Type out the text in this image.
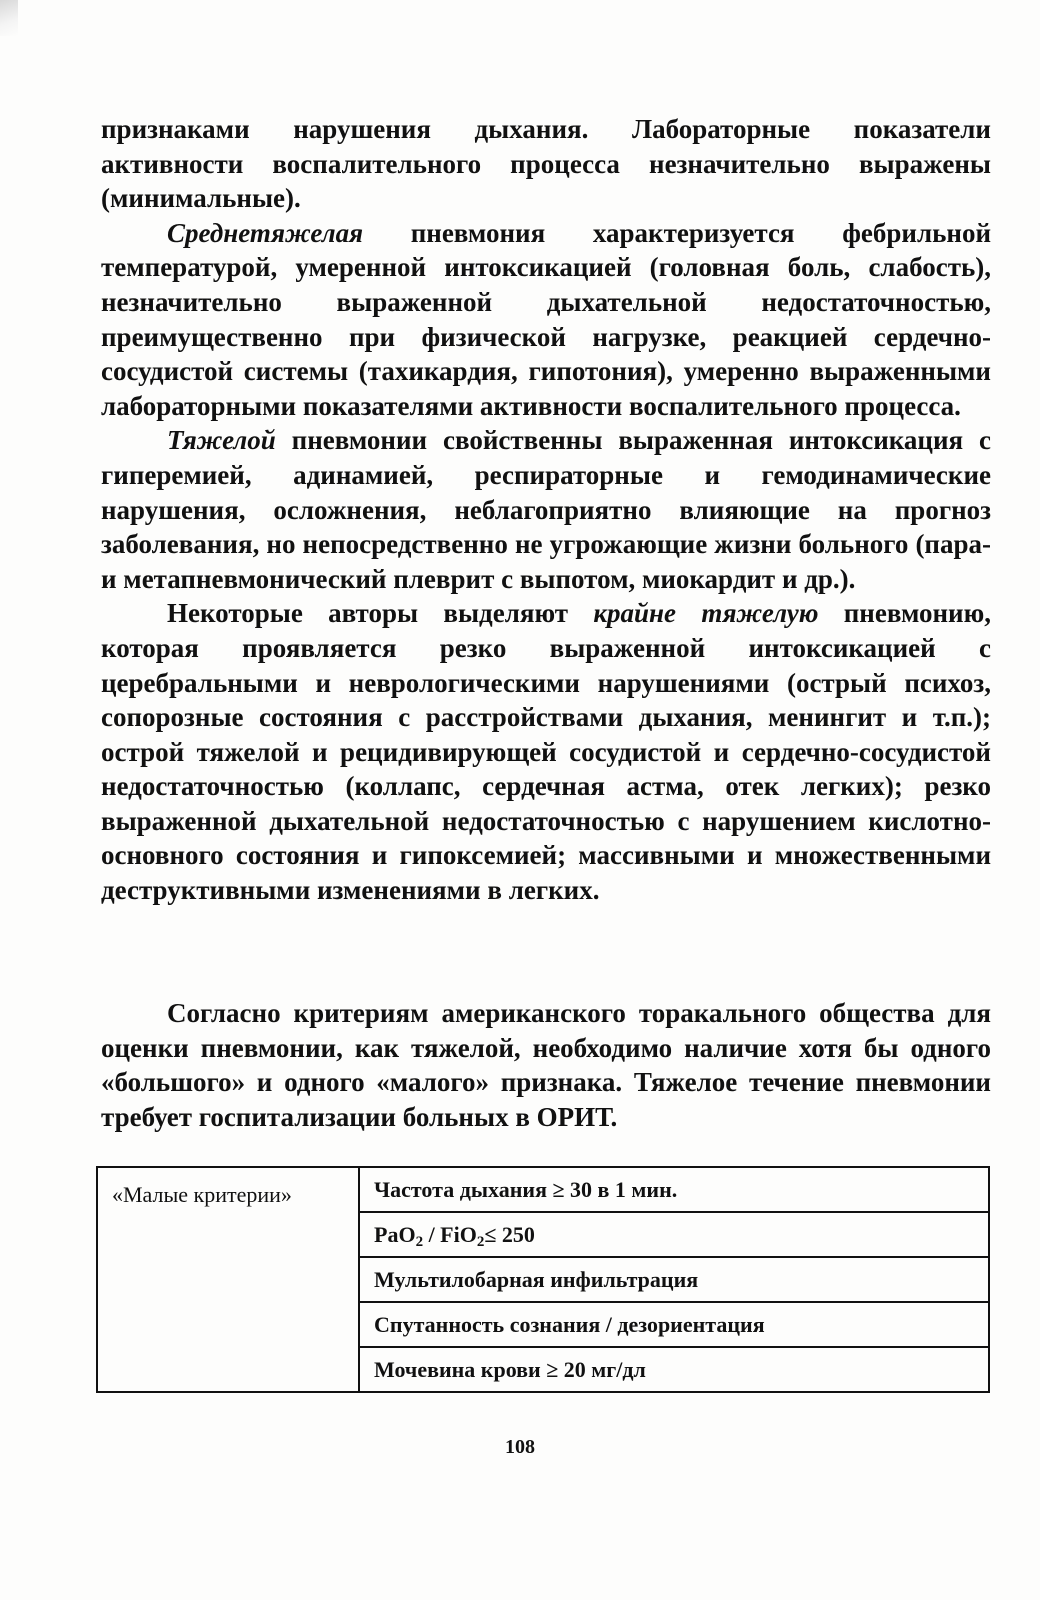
признаками нарушения дыхания. Лабораторные показатели активности воспалительного процесса незначительно выражены (минимальные).

Среднетяжелая пневмония характеризуется фебрильной температурой, умеренной интоксикацией (головная боль, слабость), незначительно выраженной дыхательной недостаточностью, преимущественно при физической нагрузке, реакцией сердечно-сосудистой системы (тахикардия, гипотония), умеренно выраженными лабораторными показателями активности воспалительного процесса.

Тяжелой пневмонии свойственны выраженная интоксикация с гиперемией, адинамией, респираторные и гемодинамические нарушения, осложнения, неблагоприятно влияющие на прогноз заболевания, но непосредственно не угрожающие жизни больного (пара- и метапневмонический плеврит с выпотом, миокардит и др.).

Некоторые авторы выделяют крайне тяжелую пневмонию, которая проявляется резко выраженной интоксикацией с церебральными и неврологическими нарушениями (острый психоз, сопорозные состояния с расстройствами дыхания, менингит и т.п.); острой тяжелой и рецидивирующей сосудистой и сердечно-сосудистой недостаточностью (коллапс, сердечная астма, отек легких); резко выраженной дыхательной недостаточностью с нарушением кислотно-основного состояния и гипоксемией; массивными и множественными деструктивными изменениями в легких.

Согласно критериям американского торакального общества для оценки пневмонии, как тяжелой, необходимо наличие хотя бы одного «большого» и одного «малого» признака. Тяжелое течение пневмонии требует госпитализации больных в ОРИТ.

«Малые критерии»	Частота дыхания ≥ 30 в 1 мин.
PaO$_2$ / FiO$_2$≤ 250
Мультилобарная инфильтрация
Спутанность сознания / дезориентация
Мочевина крови ≥ 20 мг/дл
108
